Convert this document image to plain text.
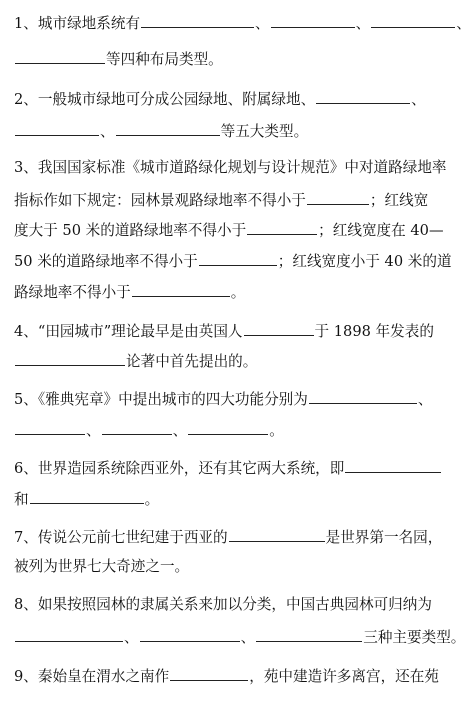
1、城市绿地系统有	、	、	、
等四种布局类型。
2、一般城市绿地可分成公园绿地、附属绿地、	、
、	等五大类型。
3、我国国家标准《城市道路绿化规划与设计规范》中对道路绿地率
指标作如下规定：园林景观路绿地率不得小于	；红线宽
度大于 50 米的道路绿地率不得小于	；红线宽度在 40—
50 米的道路绿地率不得小于	；红线宽度小于 40 米的道
路绿地率不得小于	。
4、“田园城市”理论最早是由英国人	于 1898 年发表的
论著中首先提出的。
5、《雅典宪章》中提出城市的四大功能分别为	、
、	、	。
6、世界造园系统除西亚外，还有其它两大系统，即
和	。
7、传说公元前七世纪建于西亚的	是世界第一名园，
被列为世界七大奇迹之一。
8、如果按照园林的隶属关系来加以分类，中国古典园林可归纳为
、	、	三种主要类型。
9、秦始皇在渭水之南作	，苑中建造许多离宫，还在苑
